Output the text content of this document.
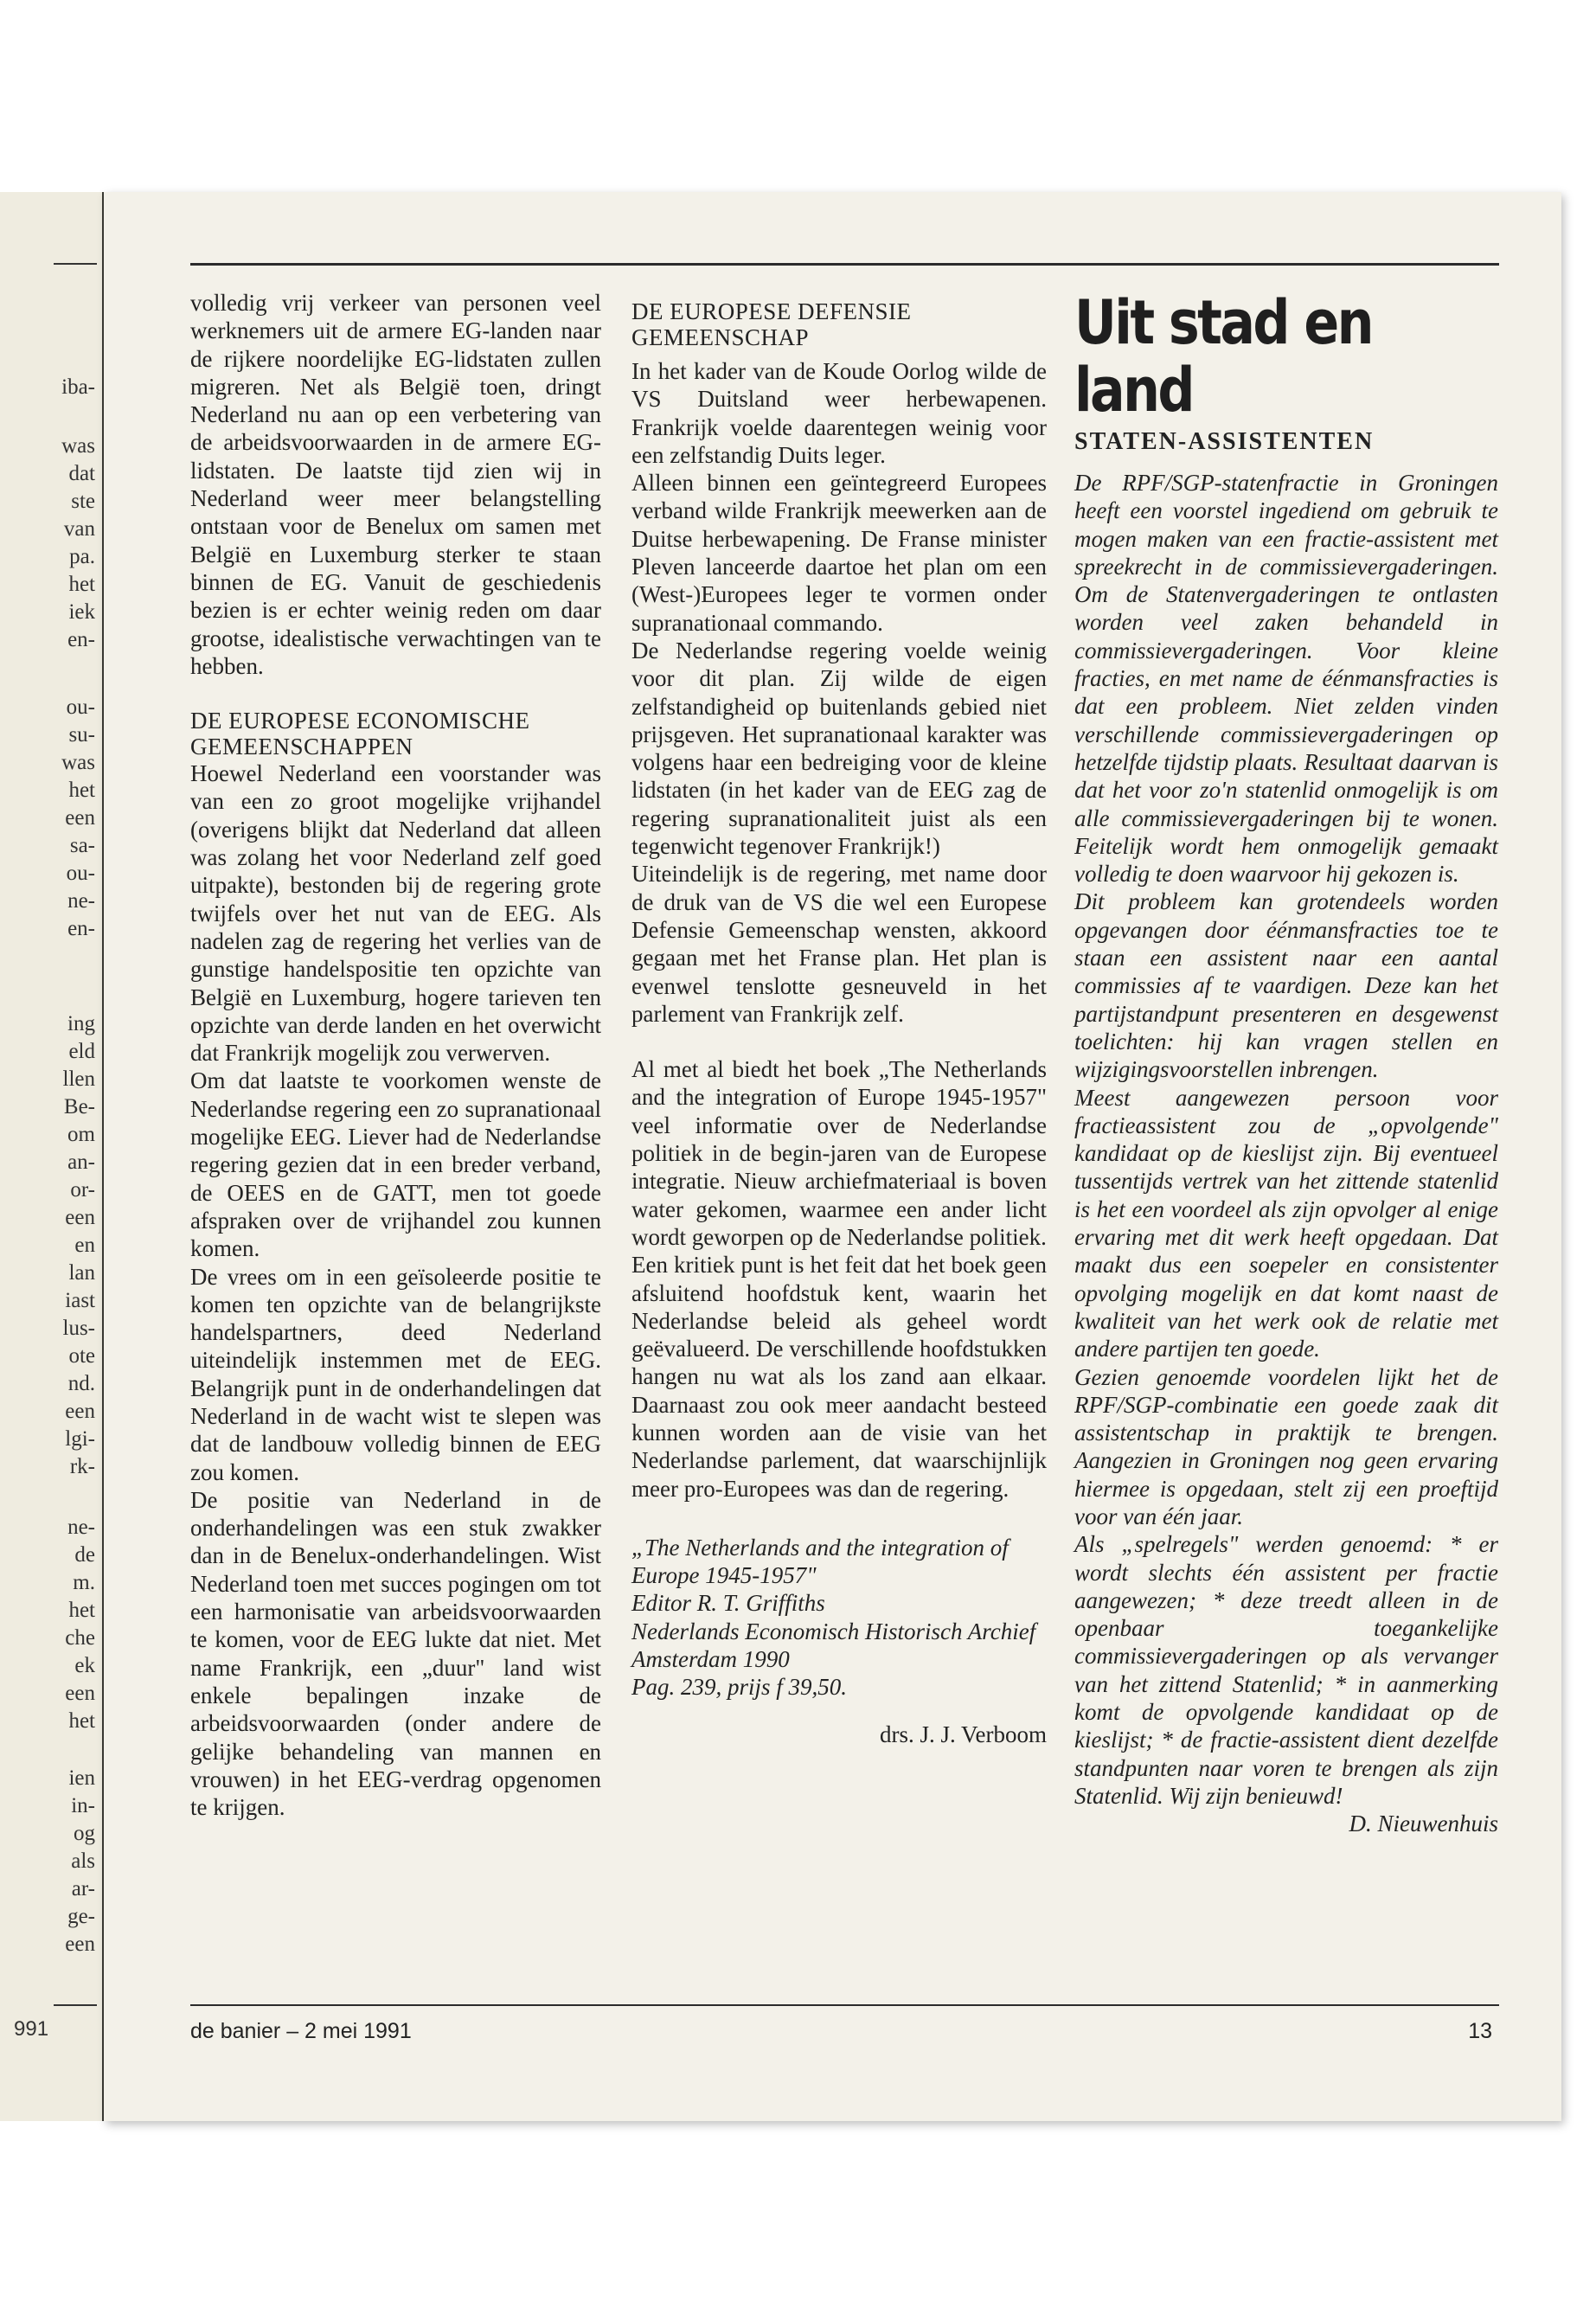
iba-
was
dat
ste
van
pa.
het
iek
en-
ou-
su-
was
het
een
sa-
ou-
ne-
en-
ing
eld
llen
Be-
om
an-
or-
een
en
lan
iast
lus-
ote
nd.
een
lgi-
rk-
ne-
de
m.
het
che
ek
een
het
ien
in-
og
als
ar-
ge-
een
991

volledig vrij verkeer van personen veel werknemers uit de armere EG-landen naar de rijkere noordelijke EG-lidstaten zullen migreren. Net als België toen, dringt Nederland nu aan op een verbetering van de arbeidsvoorwaarden in de armere EG-lidstaten. De laatste tijd zien wij in Nederland weer meer belangstelling ontstaan voor de Benelux om samen met België en Luxemburg sterker te staan binnen de EG. Vanuit de geschiedenis bezien is er echter weinig reden om daar grootse, idealistische verwachtingen van te hebben.

DE EUROPESE ECONOMISCHE GEMEENSCHAPPEN

Hoewel Nederland een voorstander was van een zo groot mogelijke vrijhandel (overigens blijkt dat Nederland dat alleen was zolang het voor Nederland zelf goed uitpakte), bestonden bij de regering grote twijfels over het nut van de EEG. Als nadelen zag de regering het verlies van de gunstige handelspositie ten opzichte van België en Luxemburg, hogere tarieven ten opzichte van derde landen en het overwicht dat Frankrijk mogelijk zou verwerven.

Om dat laatste te voorkomen wenste de Nederlandse regering een zo supranationaal mogelijke EEG. Liever had de Nederlandse regering gezien dat in een breder verband, de OEES en de GATT, men tot goede afspraken over de vrijhandel zou kunnen komen.

De vrees om in een geïsoleerde positie te komen ten opzichte van de belangrijkste handelspartners, deed Nederland uiteindelijk instemmen met de EEG. Belangrijk punt in de onderhandelingen dat Nederland in de wacht wist te slepen was dat de landbouw volledig binnen de EEG zou komen.

De positie van Nederland in de onderhandelingen was een stuk zwakker dan in de Benelux-onderhandelingen. Wist Nederland toen met succes pogingen om tot een harmonisatie van arbeidsvoorwaarden te komen, voor de EEG lukte dat niet. Met name Frankrijk, een „duur" land wist enkele bepalingen inzake de arbeidsvoorwaarden (onder andere de gelijke behandeling van mannen en vrouwen) in het EEG-verdrag opgenomen te krijgen.

DE EUROPESE DEFENSIE GEMEENSCHAP

In het kader van de Koude Oorlog wilde de VS Duitsland weer herbewapenen. Frankrijk voelde daarentegen weinig voor een zelfstandig Duits leger.

Alleen binnen een geïntegreerd Europees verband wilde Frankrijk meewerken aan de Duitse herbewapening. De Franse minister Pleven lanceerde daartoe het plan om een (West-)Europees leger te vormen onder supranationaal commando.

De Nederlandse regering voelde weinig voor dit plan. Zij wilde de eigen zelfstandigheid op buitenlands gebied niet prijsgeven. Het supranationaal karakter was volgens haar een bedreiging voor de kleine lidstaten (in het kader van de EEG zag de regering supranationaliteit juist als een tegenwicht tegenover Frankrijk!)

Uiteindelijk is de regering, met name door de druk van de VS die wel een Europese Defensie Gemeenschap wensten, akkoord gegaan met het Franse plan. Het plan is evenwel tenslotte gesneuveld in het parlement van Frankrijk zelf.

Al met al biedt het boek „The Netherlands and the integration of Europe 1945-1957" veel informatie over de Nederlandse politiek in de begin-jaren van de Europese integratie. Nieuw archiefmateriaal is boven water gekomen, waarmee een ander licht wordt geworpen op de Nederlandse politiek.

Een kritiek punt is het feit dat het boek geen afsluitend hoofdstuk kent, waarin het Nederlandse beleid als geheel wordt geëvalueerd. De verschillende hoofdstukken hangen nu wat als los zand aan elkaar. Daarnaast zou ook meer aandacht besteed kunnen worden aan de visie van het Nederlandse parlement, dat waarschijnlijk meer pro-Europees was dan de regering.

„The Netherlands and the integration of Europe 1945-1957"

Editor R. T. Griffiths

Nederlands Economisch Historisch Archief

Amsterdam 1990

Pag. 239, prijs f 39,50.

drs. J. J. Verboom

Uit stad en land
STATEN-ASSISTENTEN

De RPF/SGP-statenfractie in Groningen heeft een voorstel ingediend om gebruik te mogen maken van een fractie-assistent met spreekrecht in de commissievergaderingen. Om de Statenvergaderingen te ontlasten worden veel zaken behandeld in commissievergaderingen. Voor kleine fracties, en met name de éénmansfracties is dat een probleem. Niet zelden vinden verschillende commissievergaderingen op hetzelfde tijdstip plaats. Resultaat daarvan is dat het voor zo'n statenlid onmogelijk is om alle commissievergaderingen bij te wonen. Feitelijk wordt hem onmogelijk gemaakt volledig te doen waarvoor hij gekozen is.

Dit probleem kan grotendeels worden opgevangen door éénmansfracties toe te staan een assistent naar een aantal commissies af te vaardigen. Deze kan het partijstandpunt presenteren en desgewenst toelichten: hij kan vragen stellen en wijzigingsvoorstellen inbrengen.

Meest aangewezen persoon voor fractieassistent zou de „opvolgende" kandidaat op de kieslijst zijn. Bij eventueel tussentijds vertrek van het zittende statenlid is het een voordeel als zijn opvolger al enige ervaring met dit werk heeft opgedaan. Dat maakt dus een soepeler en consistenter opvolging mogelijk en dat komt naast de kwaliteit van het werk ook de relatie met andere partijen ten goede.

Gezien genoemde voordelen lijkt het de RPF/SGP-combinatie een goede zaak dit assistentschap in praktijk te brengen. Aangezien in Groningen nog geen ervaring hiermee is opgedaan, stelt zij een proeftijd voor van één jaar.

Als „spelregels" werden genoemd: * er wordt slechts één assistent per fractie aangewezen; * deze treedt alleen in de openbaar toegankelijke commissievergaderingen op als vervanger van het zittend Statenlid; * in aanmerking komt de opvolgende kandidaat op de kieslijst; * de fractie-assistent dient dezelfde standpunten naar voren te brengen als zijn Statenlid. Wij zijn benieuwd!

D. Nieuwenhuis

de banier – 2 mei 1991	13
